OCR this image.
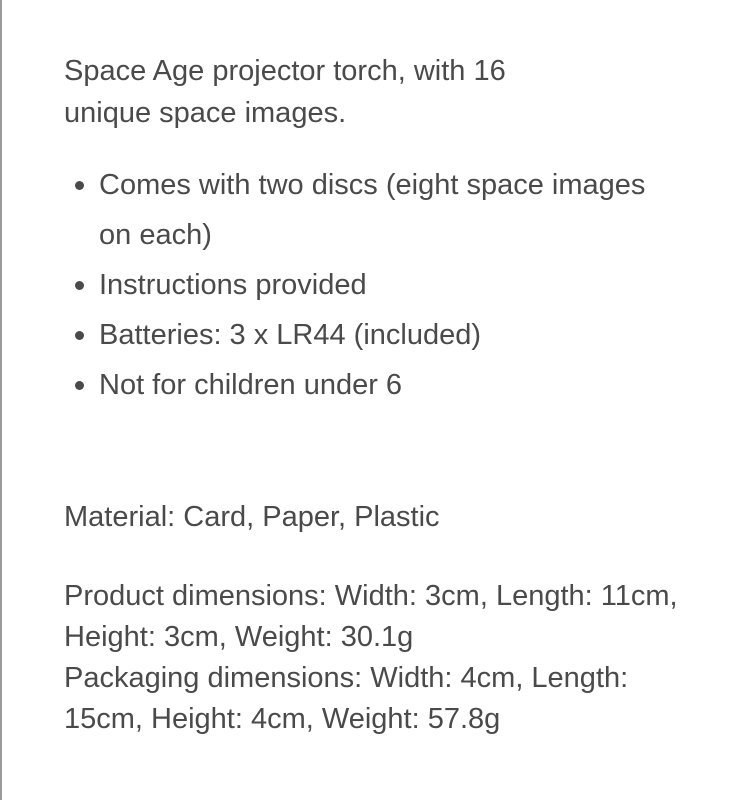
Space Age projector torch, with 16 unique space images.

Comes with two discs (eight space images on each)
Instructions provided
Batteries: 3 x LR44 (included)
Not for children under 6

Material: Card, Paper, Plastic

Product dimensions: Width: 3cm, Length: 11cm, Height: 3cm, Weight: 30.1g
Packaging dimensions: Width: 4cm, Length: 15cm, Height: 4cm, Weight: 57.8g
